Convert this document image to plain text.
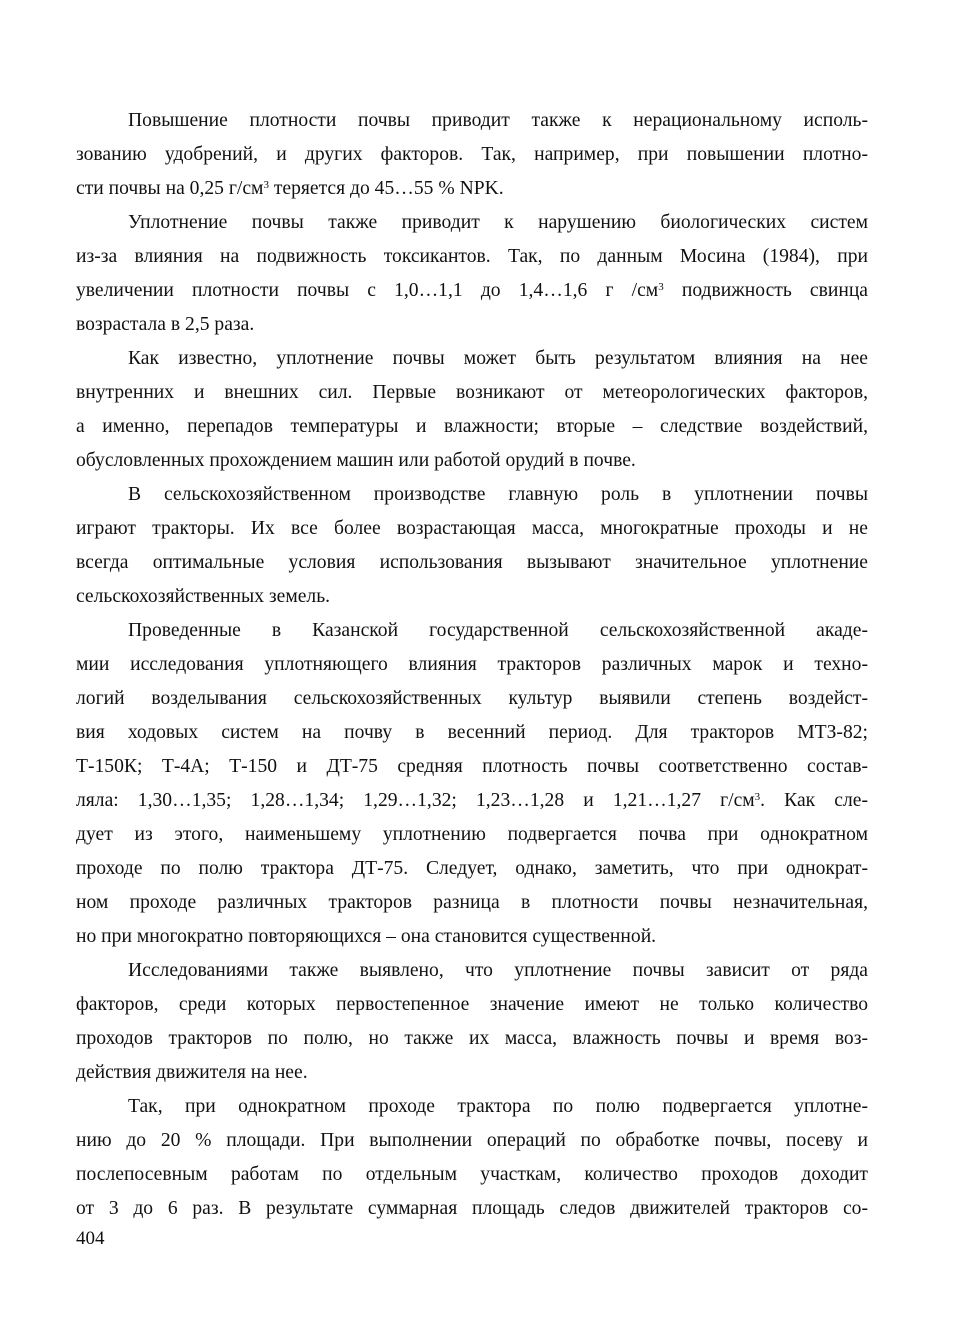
Повышение плотности почвы приводит также к нерациональному исполь-
зованию удобрений, и других факторов. Так, например, при повышении плотно-
сти почвы на 0,25 $г/см^3$ теряется до 45…55 % NPK.
Уплотнение почвы также приводит к нарушению биологических систем
из-за влияния на подвижность токсикантов. Так, по данным Мосина (1984), при
увеличении плотности почвы с 1,0…1,1 до 1,4…1,6 г $/см^3$ подвижность свинца
возрастала в 2,5 раза.
Как известно, уплотнение почвы может быть результатом влияния на нее
внутренних и внешних сил. Первые возникают от метеорологических факторов,
а именно, перепадов температуры и влажности; вторые – следствие воздействий,
обусловленных прохождением машин или работой орудий в почве.
В сельскохозяйственном производстве главную роль в уплотнении почвы
играют тракторы. Их все более возрастающая масса, многократные проходы и не
всегда оптимальные условия использования вызывают значительное уплотнение
сельскохозяйственных земель.
Проведенные в Казанской государственной сельскохозяйственной акаде-
мии исследования уплотняющего влияния тракторов различных марок и техно-
логий возделывания сельскохозяйственных культур выявили степень воздейст-
вия ходовых систем на почву в весенний период. Для тракторов МТЗ-82;
Т-150К; Т-4А; Т-150 и ДТ-75 средняя плотность почвы соответственно состав-
ляла: 1,30…1,35; 1,28…1,34; 1,29…1,32; 1,23…1,28 и 1,21…1,27 $г/см^3$. Как сле-
дует из этого, наименьшему уплотнению подвергается почва при однократном
проходе по полю трактора ДТ-75. Следует, однако, заметить, что при однократ-
ном проходе различных тракторов разница в плотности почвы незначительная,
но при многократно повторяющихся – она становится существенной.
Исследованиями также выявлено, что уплотнение почвы зависит от ряда
факторов, среди которых первостепенное значение имеют не только количество
проходов тракторов по полю, но также их масса, влажность почвы и время воз-
действия движителя на нее.
Так, при однократном проходе трактора по полю подвергается уплотне-
нию до 20 % площади. При выполнении операций по обработке почвы, посеву и
послепосевным работам по отдельным участкам, количество проходов доходит
от 3 до 6 раз. В результате суммарная площадь следов движителей тракторов со-
404
